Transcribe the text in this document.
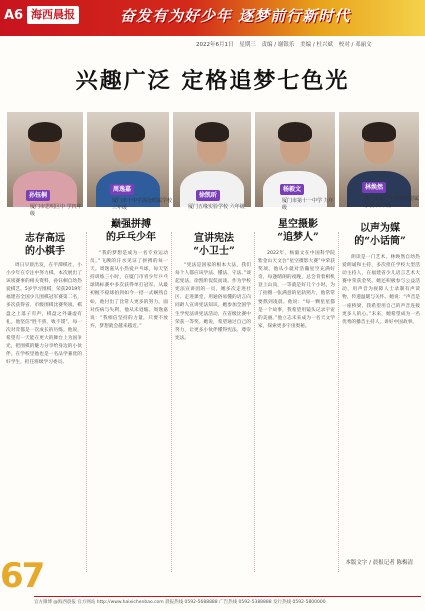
A6 海西晨报	奋发有为好少年 逐梦前行新时代
2022年6月1日 星期三 责编 / 谢银乐 美编 / 杜兴斌 校对 / 邓丽文
兴趣广泛 定格追梦七色光
孙钰桐
周逸嘉
徐凯昕
杨毅文	林焕然
厦门市思明区中 学四年级
厦门市十中学海沧附属学校 三年级	厦门五缘实验学校 六年级
厦门市第十一中学 九年级
厦门市双十中学海沧附属学校 四年级
志存高远
的小棋手
巅强拼搏
的乒乓少年	宣讲宪法
“小卫士”
星空摄影
“追梦人”
以声为媒
的“小话筒”

周日早晨出发，在平潭棋社，小小少年在专注中努力棋。本次展出了该项赛事的相关资料，孙钰桐自幼热爱棋艺。5岁学习围棋，荣获2019年福建省全国少儿围棋冠军赛第二名，多次获得省、市级围棋比赛奖项。棋盘之上落子有声，棋盘之外谦虚有礼。他坚信“胜不骄，败不馁”，每一次对弈都是一次成长的历练。他说，希望有一天能在更大的舞台上为国争光，把围棋的魅力分享给身边的小伙伴。在学校里他也是一名品学兼优的好学生，担任班级学习委员。

“我的梦想是成为一名专业运动员。”飞溅的汗水见证了拼搏的每一天。周逸嘉从小热爱乒乓球，每天坚持训练三小时，在厦门市青少年乒乓球锦标赛中多次获得单打冠军。从最初握不稳球拍到如今一招一式娴熟自如，他付出了比常人更多的努力。面对伤病与失利，他从未退缩。周逸嘉说：“我相信坚持的力量，只要不放弃，梦想就会越来越近。”

“宪法是国家的根本大法，我们每个人都应该学法、懂法、守法。”谈起宪法，徐凯昕侃侃而谈。作为学校宪法宣讲团的一员，她多次走进社区、走进课堂，用通俗易懂的语言向同龄人宣讲宪法知识。她参加全国学生学宪法讲宪法活动，在省级比赛中荣获一等奖。她说，希望通过自己的努力，让更多小伙伴懂得宪法、尊崇宪法。

2022年，杨毅文在中国科学院紫金山天文台“星空摄影大赛”中荣获奖项。他从小就对浩瀚星空充满好奇，每逢晴朗的夜晚，总会背着相机登上山顶，一等就是好几个小时。为了拍摄一张满意的星轨照片，他常常要熬到凌晨。他说：“每一颗星星都是一个故事，我希望用镜头记录宇宙的美丽。”他立志未来成为一名天文学家，探索更多宇宙奥秘。

朗读是一门艺术。林焕然自幼热爱朗诵和主持，多次担任学校大型活动主持人，在福建省少儿语言艺术大赛中荣获金奖。她还积极参与公益活动，用声音为视障人士录制有声读物，传递温暖与关怀。她说：“声音是一座桥梁，我希望用自己的声音连接更多人的心。”未来，她希望成为一名优秀的播音主持人，讲好中国故事。

67	本版文字 / 晨报记者 陈梅清
官方微博 @海西晨报 官方网站 http://www.haixichenbao.com 晨报热线 0592-5688888 广告热线 0592-5388888 发行热线 0592-5800000
